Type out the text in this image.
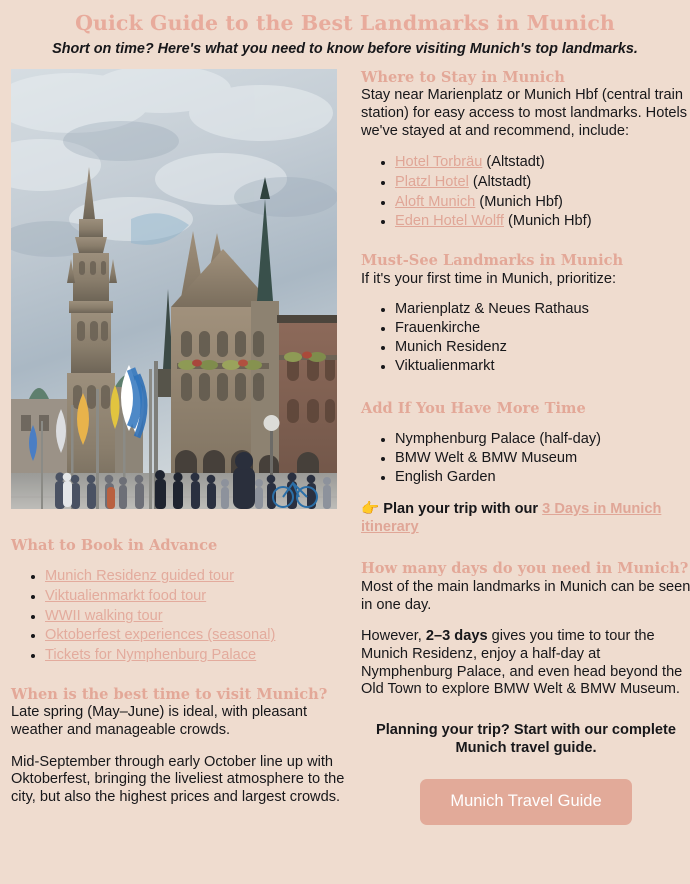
Quick Guide to the Best Landmarks in Munich
Short on time? Here's what you need to know before visiting Munich's top landmarks.
What to Book in Advance
• Munich Residenz guided tour
• Viktualienmarkt food tour
• WWII walking tour
• Oktoberfest experiences (seasonal)
• Tickets for Nymphenburg Palace
When is the best time to visit Munich?

Late spring (May–June) is ideal, with pleasant weather and manageable crowds.

Mid-September through early October line up with Oktoberfest, bringing the liveliest atmosphere to the city, but also the highest prices and largest crowds.

Where to Stay in Munich

Stay near Marienplatz or Munich Hbf (central train station) for easy access to most landmarks. Hotels we've stayed at and recommend, include:

• Hotel Torbräu (Altstadt)
• Platzl Hotel (Altstadt)
• Aloft Munich (Munich Hbf)
• Eden Hotel Wolff (Munich Hbf)
Must-See Landmarks in Munich

If it's your first time in Munich, prioritize:

• Marienplatz & Neues Rathaus
• Frauenkirche
• Munich Residenz
• Viktualienmarkt
Add If You Have More Time
• Nymphenburg Palace (half-day)
• BMW Welt & BMW Museum
• English Garden

👉 Plan your trip with our 3 Days in Munich itinerary

How many days do you need in Munich?

Most of the main landmarks in Munich can be seen in one day.

However, 2–3 days gives you time to tour the Munich Residenz, enjoy a half-day at Nymphenburg Palace, and even head beyond the Old Town to explore BMW Welt & BMW Museum.

Planning your trip? Start with our complete Munich travel guide.

Munich Travel Guide
